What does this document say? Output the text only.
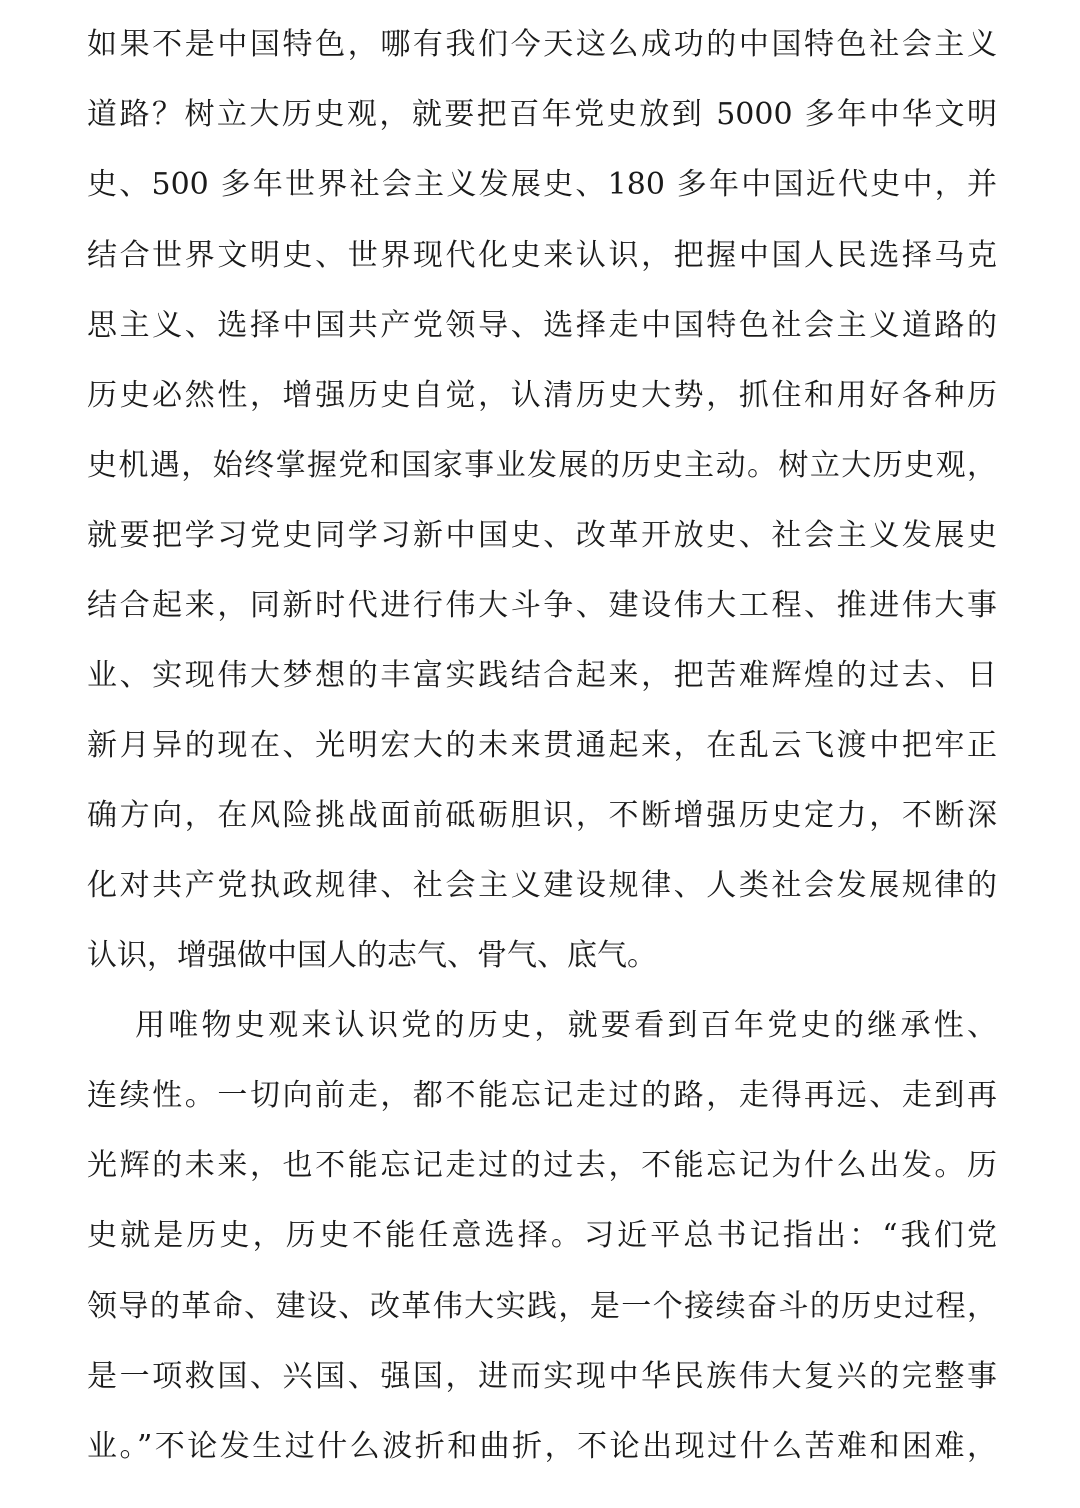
如果不是中国特色，哪有我们今天这么成功的中国特色社会主义
道路？树立大历史观，就要把百年党史放到 5000 多年中华文明
史、500 多年世界社会主义发展史、180 多年中国近代史中，并
结合世界文明史、世界现代化史来认识，把握中国人民选择马克
思主义、选择中国共产党领导、选择走中国特色社会主义道路的
历史必然性，增强历史自觉，认清历史大势，抓住和用好各种历
史机遇，始终掌握党和国家事业发展的历史主动。树立大历史观，
就要把学习党史同学习新中国史、改革开放史、社会主义发展史
结合起来，同新时代进行伟大斗争、建设伟大工程、推进伟大事
业、实现伟大梦想的丰富实践结合起来，把苦难辉煌的过去、日
新月异的现在、光明宏大的未来贯通起来，在乱云飞渡中把牢正
确方向，在风险挑战面前砥砺胆识，不断增强历史定力，不断深
化对共产党执政规律、社会主义建设规律、人类社会发展规律的
认识，增强做中国人的志气、骨气、底气。
用唯物史观来认识党的历史，就要看到百年党史的继承性、
连续性。一切向前走，都不能忘记走过的路，走得再远、走到再
光辉的未来，也不能忘记走过的过去，不能忘记为什么出发。历
史就是历史，历史不能任意选择。习近平总书记指出：“我们党
领导的革命、建设、改革伟大实践，是一个接续奋斗的历史过程，
是一项救国、兴国、强国，进而实现中华民族伟大复兴的完整事
业。”不论发生过什么波折和曲折，不论出现过什么苦难和困难，
